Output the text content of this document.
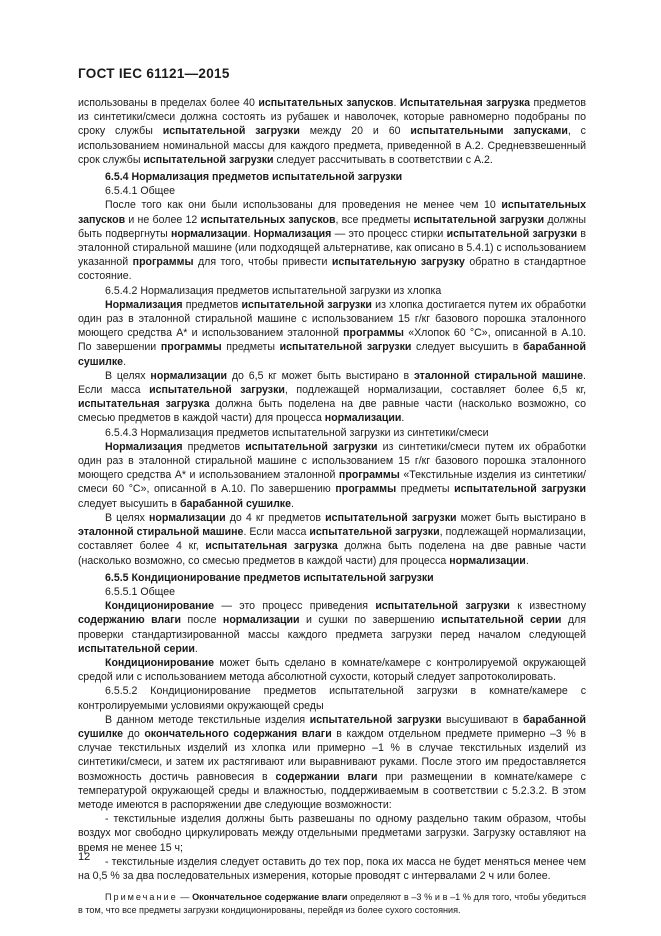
ГОСТ IEC 61121—2015

использованы в пределах более 40 испытательных запусков. Испытательная загрузка предметов из синтетики/смеси должна состоять из рубашек и наволочек, которые равномерно подобраны по сроку службы испытательной загрузки между 20 и 60 испытательными запусками, с использованием номинальной массы для каждого предмета, приведенной в А.2. Средневзвешенный срок службы испытательной загрузки следует рассчитывать в соответствии с А.2.

6.5.4 Нормализация предметов испытательной загрузки

6.5.4.1 Общее

После того как они были использованы для проведения не менее чем 10 испытательных запусков и не более 12 испытательных запусков, все предметы испытательной загрузки должны быть подвергнуты нормализации. Нормализация — это процесс стирки испытательной загрузки в эталонной стиральной машине (или подходящей альтернативе, как описано в 5.4.1) с использованием указанной программы для того, чтобы привести испытательную загрузку обратно в стандартное состояние.

6.5.4.2 Нормализация предметов испытательной загрузки из хлопка

Нормализация предметов испытательной загрузки из хлопка достигается путем их обработки один раз в эталонной стиральной машине с использованием 15 г/кг базового порошка эталонного моющего средства А* и использованием эталонной программы «Хлопок 60 °С», описанной в А.10. По завершении программы предметы испытательной загрузки следует высушить в барабанной сушилке.

В целях нормализации до 6,5 кг может быть выстирано в эталонной стиральной машине. Если масса испытательной загрузки, подлежащей нормализации, составляет более 6,5 кг, испытательная загрузка должна быть поделена на две равные части (насколько возможно, со смесью предметов в каждой части) для процесса нормализации.

6.5.4.3 Нормализация предметов испытательной загрузки из синтетики/смеси

Нормализация предметов испытательной загрузки из синтетики/смеси путем их обработки один раз в эталонной стиральной машине с использованием 15 г/кг базового порошка эталонного моющего средства А* и использованием эталонной программы «Текстильные изделия из синтетики/смеси 60 °С», описанной в А.10. По завершению программы предметы испытательной загрузки следует высушить в барабанной сушилке.

В целях нормализации до 4 кг предметов испытательной загрузки может быть выстирано в эталонной стиральной машине. Если масса испытательной загрузки, подлежащей нормализации, составляет более 4 кг, испытательная загрузка должна быть поделена на две равные части (насколько возможно, со смесью предметов в каждой части) для процесса нормализации.

6.5.5 Кондиционирование предметов испытательной загрузки

6.5.5.1 Общее

Кондиционирование — это процесс приведения испытательной загрузки к известному содержанию влаги после нормализации и сушки по завершению испытательной серии для проверки стандартизированной массы каждого предмета загрузки перед началом следующей испытательной серии.

Кондиционирование может быть сделано в комнате/камере с контролируемой окружающей средой или с использованием метода абсолютной сухости, который следует запротоколировать.

6.5.5.2 Кондиционирование предметов испытательной загрузки в комнате/камере с контролируемыми условиями окружающей среды

В данном методе текстильные изделия испытательной загрузки высушивают в барабанной сушилке до окончательного содержания влаги в каждом отдельном предмете примерно –3 % в случае текстильных изделий из хлопка или примерно –1 % в случае текстильных изделий из синтетики/смеси, и затем их растягивают или выравнивают руками. После этого им предоставляется возможность достичь равновесия в содержании влаги при размещении в комнате/камере с температурой окружающей среды и влажностью, поддерживаемым в соответствии с 5.2.3.2. В этом методе имеются в распоряжении две следующие возможности:

- текстильные изделия должны быть развешаны по одному раздельно таким образом, чтобы воздух мог свободно циркулировать между отдельными предметами загрузки. Загрузку оставляют на время не менее 15 ч;

- текстильные изделия следует оставить до тех пор, пока их масса не будет меняться менее чем на 0,5 % за два последовательных измерения, которые проводят с интервалами 2 ч или более.

Примечание — Окончательное содержание влаги определяют в –3 % и в –1 % для того, чтобы убедиться в том, что все предметы загрузки кондиционированы, перейдя из более сухого состояния.

12
